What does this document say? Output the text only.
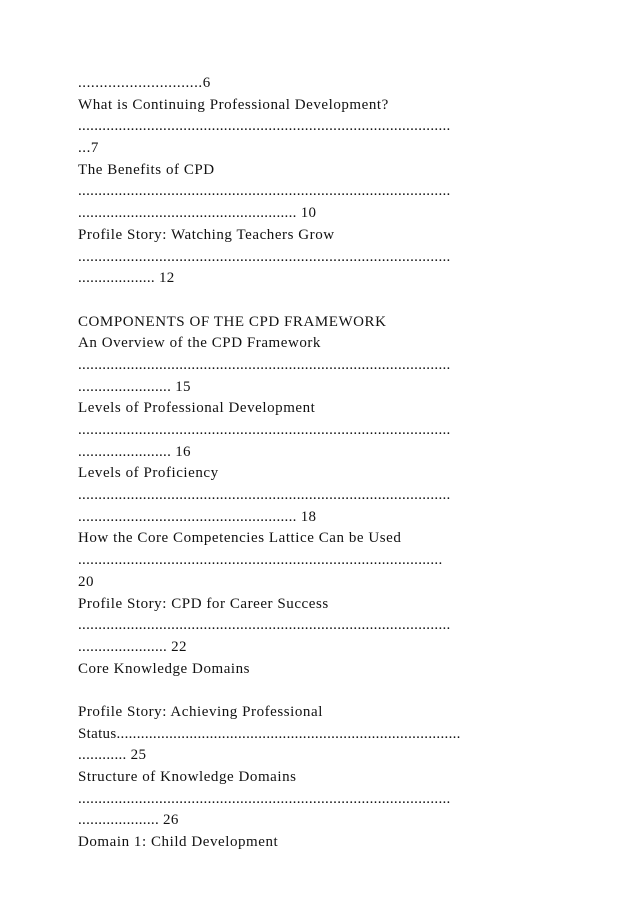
.............................6
What is Continuing Professional Development?
............................................................................................
...7
The Benefits of CPD
............................................................................................
...................................................... 10
Profile Story: Watching Teachers Grow
............................................................................................
................... 12
COMPONENTS OF THE CPD FRAMEWORK
An Overview of the CPD Framework
............................................................................................
....................... 15
Levels of Professional Development
............................................................................................
....................... 16
Levels of Proficiency
............................................................................................
...................................................... 18
How the Core Competencies Lattice Can be Used
..........................................................................................
20
Profile Story: CPD for Career Success
............................................................................................
...................... 22
Core Knowledge Domains
Profile Story: Achieving Professional
Status.....................................................................................
............ 25
Structure of Knowledge Domains
............................................................................................
.................... 26
Domain 1: Child Development
